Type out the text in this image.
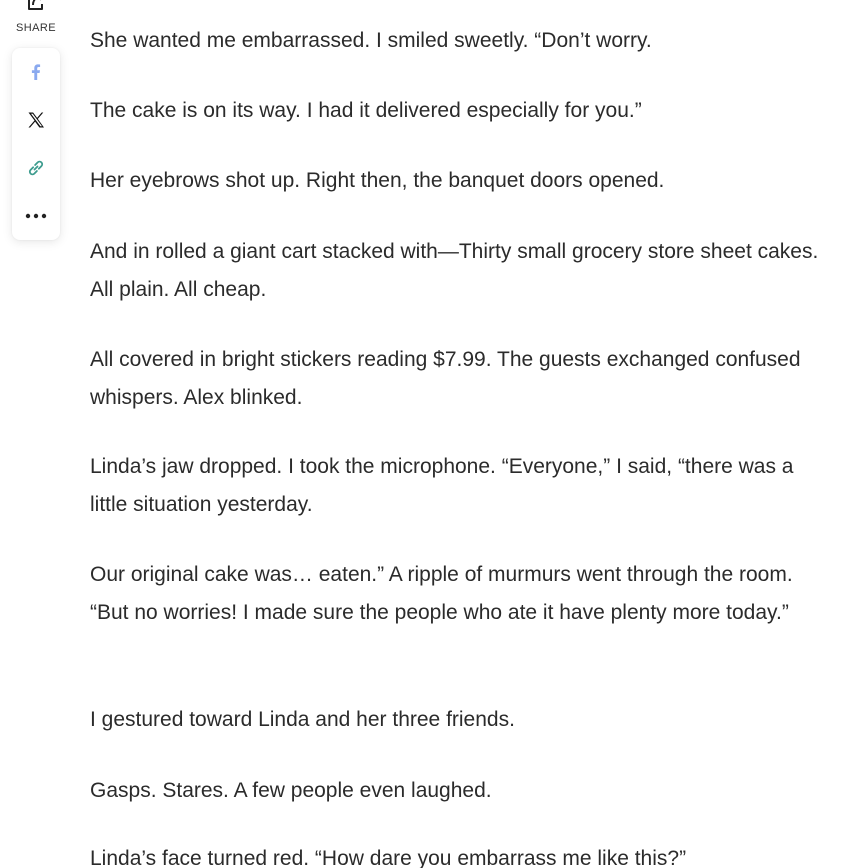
SHARE

She wanted me embarrassed. I smiled sweetly. “Don’t worry.

The cake is on its way. I had it delivered especially for you.”

Her eyebrows shot up. Right then, the banquet doors opened.

And in rolled a giant cart stacked with—Thirty small grocery store sheet cakes. All plain. All cheap.

All covered in bright stickers reading $7.99. The guests exchanged confused whispers. Alex blinked.

Linda’s jaw dropped. I took the microphone. “Everyone,” I said, “there was a little situation yesterday.

Our original cake was… eaten.” A ripple of murmurs went through the room. “But no worries! I made sure the people who ate it have plenty more today.”

I gestured toward Linda and her three friends.

Gasps. Stares. A few people even laughed.

Linda’s face turned red. “How dare you embarrass me like this?”
